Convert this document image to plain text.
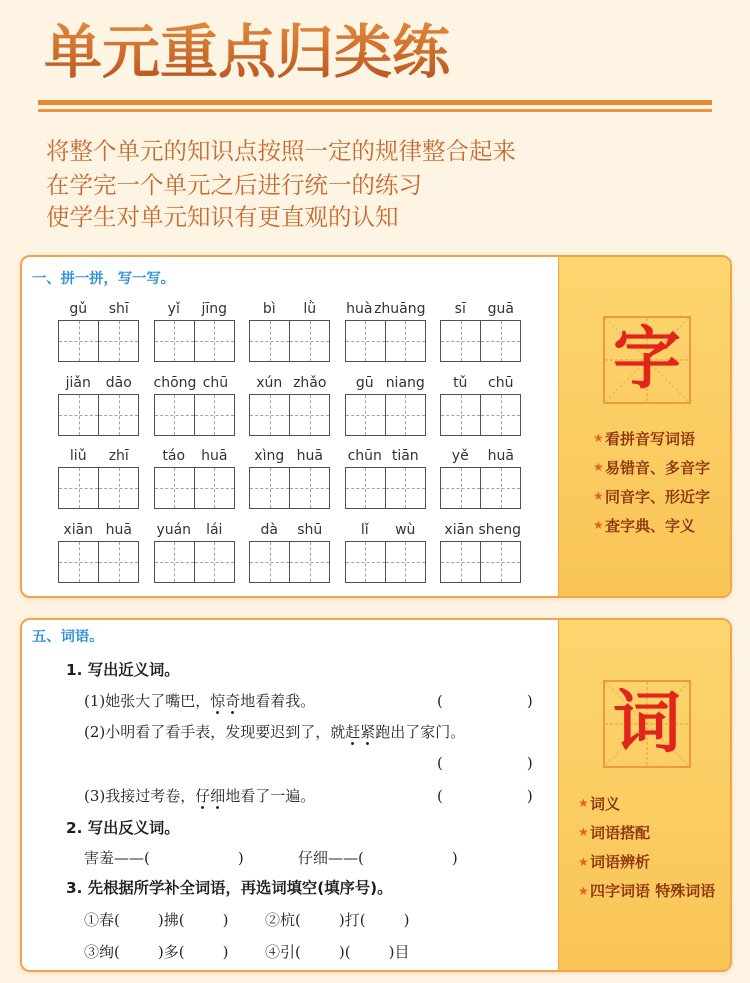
单元重点归类练
将整个单元的知识点按照一定的规律整合起来
在学完一个单元之后进行统一的练习
使学生对单元知识有更直观的认知
一、拼一拼，写一写。
gǔ	shī	yǐ	jīng	bì	lǜ	huà zhuāng	sī	guā
jiǎn	dāo	chōng chū	xún zhǎo	gū niang	tǔ	chū
liǔ	zhī	táo	huā	xìng huā	chūn tiān	yě	huā
xiān huā	yuán	lái	dà	shū	lǐ	wù	xiān sheng
字
★
看拼音写词语
★
易错音、多音字
★
同音字、形近字
★
查字典、字义
五、词语。
1. 写出近义词。
2. 写出反义词。
3. 先根据所学补全词语，再选词填空(填序号)。
词
★
词义
★
词语搭配
★
词语辨析
★
四字词语 特殊词语
(1)她张大了嘴巴，惊奇地看着我。	(	)
(2)小明看了看手表，发现要迟到了，就赶紧跑出了家门。
(	)
(3)我接过考卷，仔细地看了一遍。	(	)
害羞—— (	)	仔细—— (	)
①春 (	) 拂 (	) ②杭 (	) 打 (	)
③绚 (	) 多 (	) ④引 (	) (	) 目
